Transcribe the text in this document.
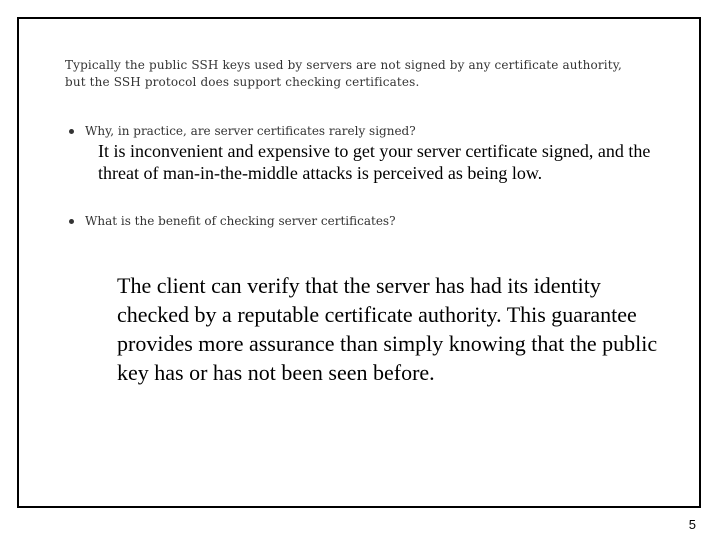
Typically the public SSH keys used by servers are not signed by any certificate authority, but the SSH protocol does support checking certificates.

Why, in practice, are server certificates rarely signed?

It is inconvenient and expensive to get your server certificate signed, and the threat of man-in-the-middle attacks is perceived as being low.

What is the benefit of checking server certificates?

The client can verify that the server has had its identity checked by a reputable certificate authority. This guarantee provides more assurance than simply knowing that the public key has or has not been seen before.

5
